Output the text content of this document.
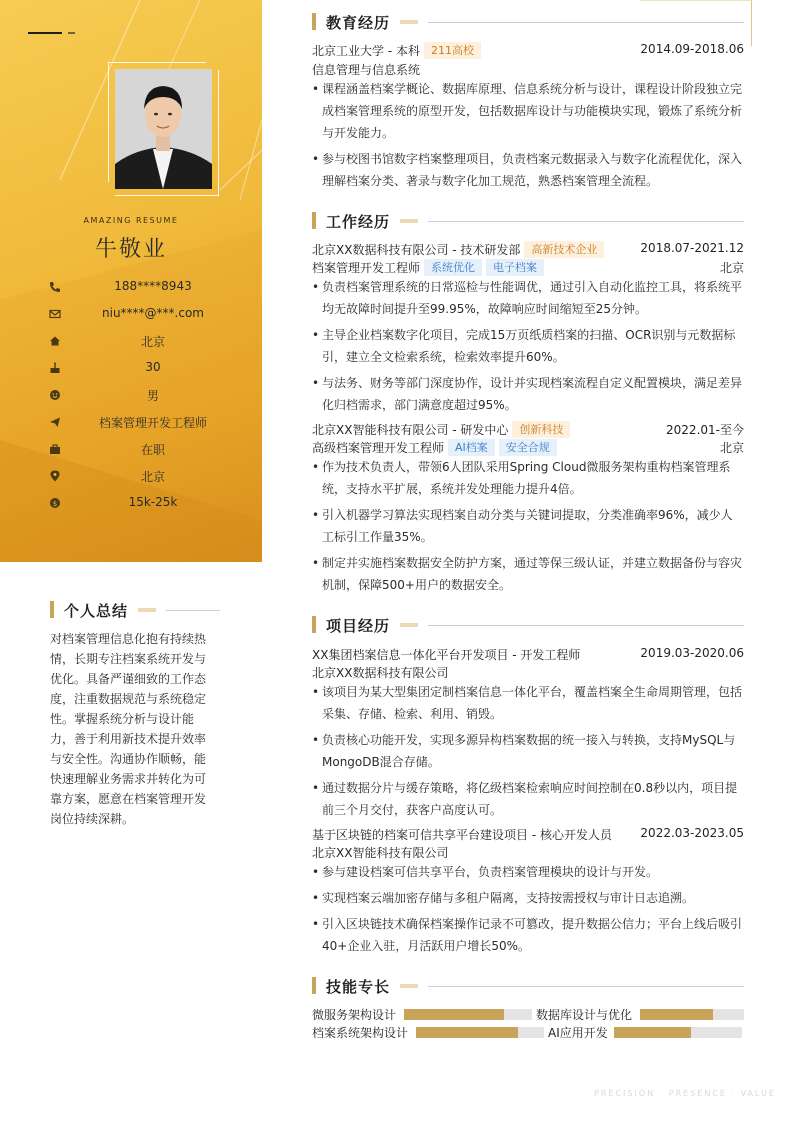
AMAZING RESUME
牛敬业
188****8943
niu****@***.com
北京
30
男
档案管理开发工程师
在职
北京
$	15k-25k
个人总结
对档案管理信息化抱有持续热情，长期专注档案系统开发与优化。具备严谨细致的工作态度，注重数据规范与系统稳定性。掌握系统分析与设计能力，善于利用新技术提升效率与安全性。沟通协作顺畅，能快速理解业务需求并转化为可靠方案，愿意在档案管理开发岗位持续深耕。
教育经历
北京工业大学 - 本科 211高校	2014.09-2018.06
信息管理与信息系统
• 课程涵盖档案学概论、数据库原理、信息系统分析与设计，课程设计阶段独立完成档案管理系统的原型开发，包括数据库设计与功能模块实现，锻炼了系统分析与开发能力。
• 参与校图书馆数字档案整理项目，负责档案元数据录入与数字化流程优化，深入理解档案分类、著录与数字化加工规范，熟悉档案管理全流程。
工作经历
北京XX数据科技有限公司 - 技术研发部 高新技术企业	2018.07-2021.12
档案管理开发工程师 系统优化 电子档案	北京
• 负责档案管理系统的日常巡检与性能调优，通过引入自动化监控工具，将系统平均无故障时间提升至99.95%，故障响应时间缩短至25分钟。
• 主导企业档案数字化项目，完成15万页纸质档案的扫描、OCR识别与元数据标引，建立全文检索系统，检索效率提升60%。
• 与法务、财务等部门深度协作，设计并实现档案流程自定义配置模块，满足差异化归档需求，部门满意度超过95%。
北京XX智能科技有限公司 - 研发中心 创新科技	2022.01-至今
高级档案管理开发工程师 AI档案 安全合规	北京
• 作为技术负责人，带领6人团队采用Spring Cloud微服务架构重构档案管理系统，支持水平扩展，系统并发处理能力提升4倍。
• 引入机器学习算法实现档案自动分类与关键词提取，分类准确率96%，减少人工标引工作量35%。
• 制定并实施档案数据安全防护方案，通过等保三级认证，并建立数据备份与容灾机制，保障500+用户的数据安全。
项目经历
XX集团档案信息一体化平台开发项目 - 开发工程师	2019.03-2020.06
北京XX数据科技有限公司
• 该项目为某大型集团定制档案信息一体化平台，覆盖档案全生命周期管理，包括采集、存储、检索、利用、销毁。
• 负责核心功能开发，实现多源异构档案数据的统一接入与转换，支持MySQL与MongoDB混合存储。
• 通过数据分片与缓存策略，将亿级档案检索响应时间控制在0.8秒以内，项目提前三个月交付，获客户高度认可。
基于区块链的档案可信共享平台建设项目 - 核心开发人员 2022.03-2023.05
北京XX智能科技有限公司
• 参与建设档案可信共享平台，负责档案管理模块的设计与开发。
• 实现档案云端加密存储与多租户隔离，支持按需授权与审计日志追溯。
• 引入区块链技术确保档案操作记录不可篡改，提升数据公信力；平台上线后吸引40+企业入驻，月活跃用户增长50%。
技能专长
微服务架构设计	数据库设计与优化
档案系统架构设计	AI应用开发
PRECISION · PRESENCE · VALUE
